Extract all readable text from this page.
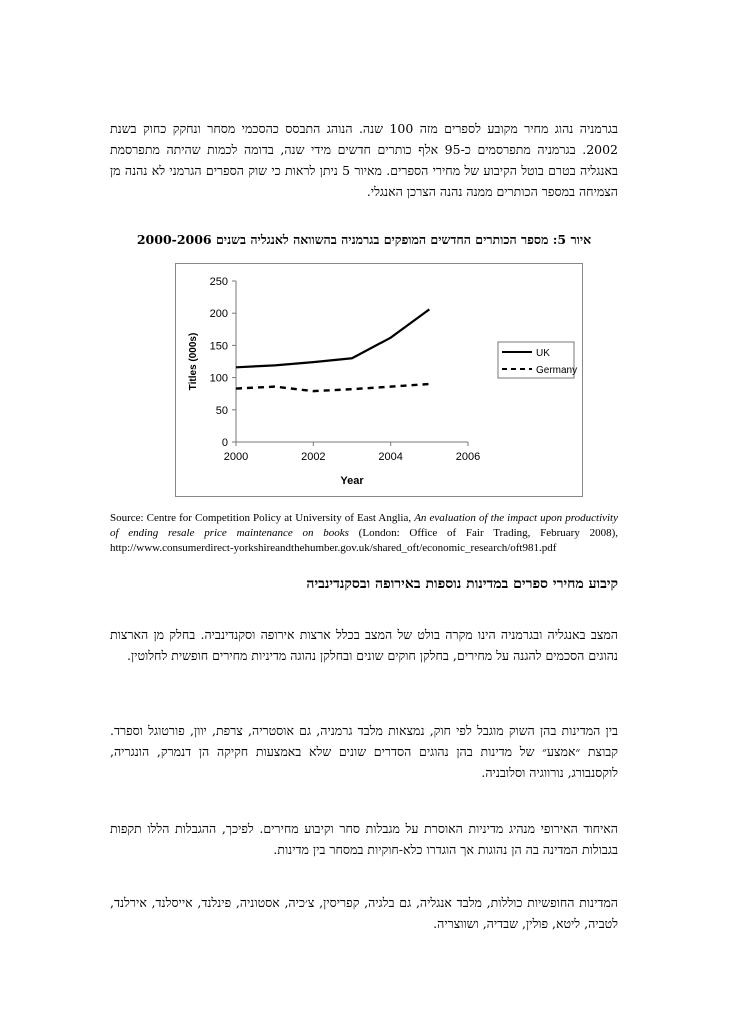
בגרמניה נהוג מחיר מקובע לספרים מזה 100 שנה. הנוהג התבסס כהסכמי מסחר ונחקק כחוק בשנת 2002. בגרמניה מתפרסמים כ-95 אלף כותרים חדשים מידי שנה, בדומה לכמות שהיתה מתפרסמת באנגליה בטרם בוטל הקיבוע של מחירי הספרים. מאיור 5 ניתן לראות כי שוק הספרים הגרמני לא נהנה מן הצמיחה במספר הכותרים ממנה נהנה הצרכן האנגלי.

איור 5: מספר הכותרים החדשים המופקים בגרמניה בהשוואה לאנגליה בשנים 2000-2006
0
50
100
150
200
250
2000	2002	2004	2006
Year
Titles (000s)	UK
Germany
Source: Centre for Competition Policy at University of East Anglia, An evaluation of the impact upon productivity of ending resale price maintenance on books (London: Office of Fair Trading, February 2008), http://www.consumerdirect-yorkshireandthehumber.gov.uk/shared_oft/economic_research/oft981.pdf
קיבוע מחירי ספרים במדינות נוספות באירופה ובסקנדינביה

המצב באנגליה ובגרמניה הינו מקרה בולט של המצב בכלל ארצות אירופה וסקנדינביה. בחלק מן הארצות נהוגים הסכמים להגנה על מחירים, בחלקן חוקים שונים ובחלקן נהוגה מדיניות מחירים חופשית לחלוטין.

בין המדינות בהן השוק מוגבל לפי חוק, נמצאות מלבד גרמניה, גם אוסטריה, צרפת, יוון, פורטוגל וספרד. קבוצת ״אמצע״ של מדינות בהן נהוגים הסדרים שונים שלא באמצעות חקיקה הן דנמרק, הונגריה, לוקסנבורג, נורווגיה וסלובניה.

האיחוד האירופי מנהיג מדיניות האוסרת על מגבלות סחר וקיבוע מחירים. לפיכך, ההגבלות הללו תקפות בגבולות המדינה בה הן נהוגות אך הוגדרו כלא-חוקיות במסחר בין מדינות.

המדינות החופשיות כוללות, מלבד אנגליה, גם בלגיה, קפריסין, צ׳כיה, אסטוניה, פינלנד, אייסלנד, אירלנד, לטביה, ליטא, פולין, שבדיה, ושווצריה.
